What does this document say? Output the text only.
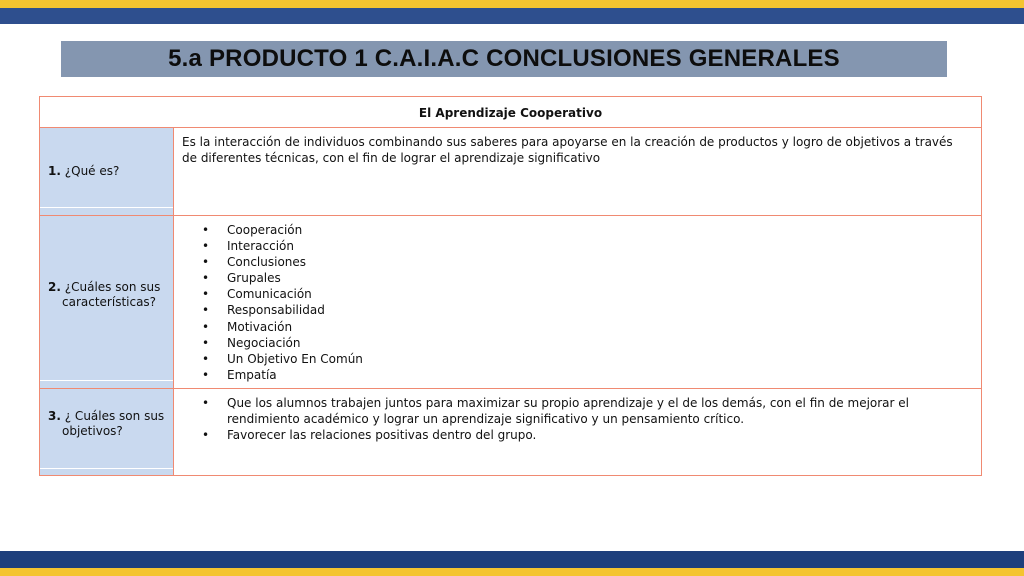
5.a PRODUCTO 1 C.A.I.A.C CONCLUSIONES GENERALES
El Aprendizaje Cooperativo
1. ¿Qué es?
Es la interacción de individuos combinando sus saberes para apoyarse en la creación de productos y logro de objetivos a través de diferentes técnicas, con el fin de lograr el aprendizaje significativo
2. ¿Cuáles son sus características?
• Cooperación
• Interacción
• Conclusiones
• Grupales
• Comunicación
• Responsabilidad
• Motivación
• Negociación
• Un Objetivo En Común
• Empatía
3. ¿ Cuáles son sus objetivos?
• Que los alumnos trabajen juntos para maximizar su propio aprendizaje y el de los demás, con el fin de mejorar el rendimiento académico y lograr un aprendizaje significativo y un pensamiento crítico.
• Favorecer las relaciones positivas dentro del grupo.
